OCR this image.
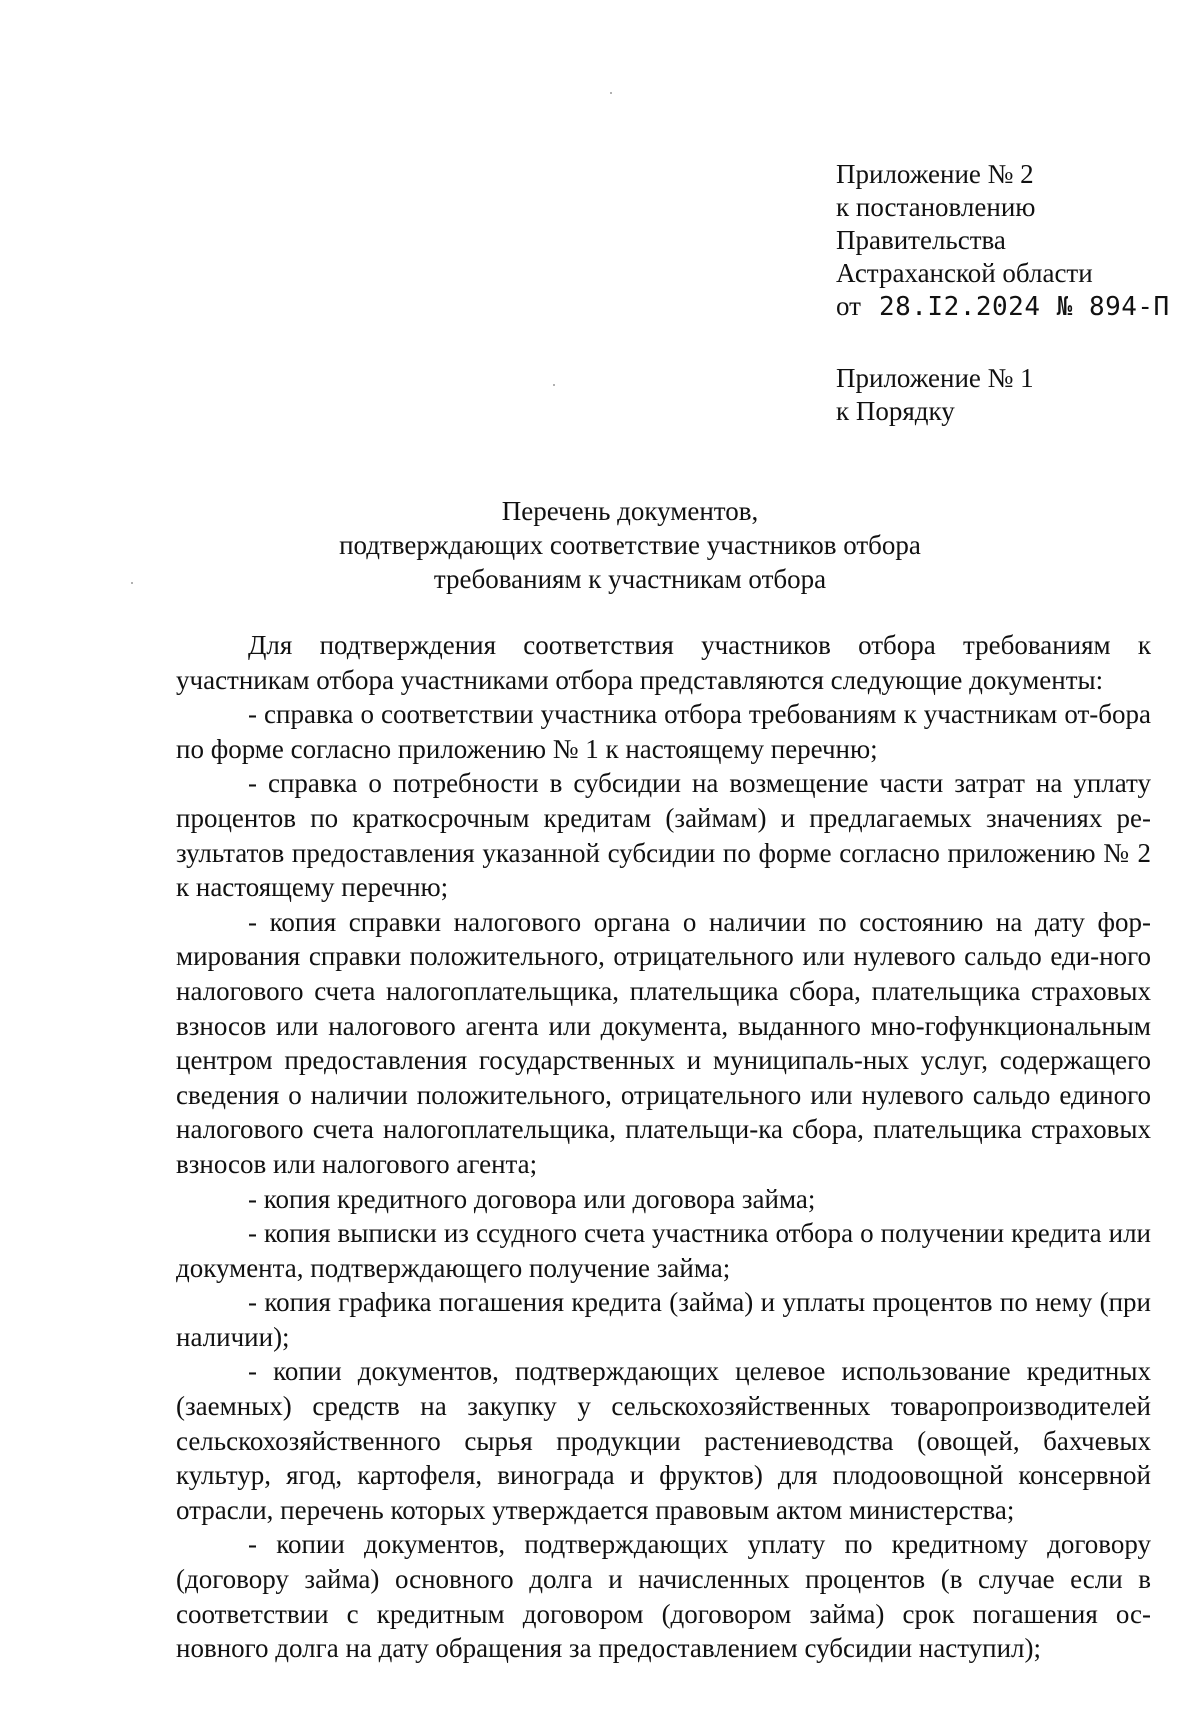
Приложение № 2
к постановлению
Правительства
Астраханской области
от 28.I2.2024 № 894-П
Приложение № 1
к Порядку
Перечень документов,
подтверждающих соответствие участников отбора
требованиям к участникам отбора

Для подтверждения соответствия участников отбора требованиям к участникам отбора участниками отбора представляются следующие документы:

- справка о соответствии участника отбора требованиям к участникам от-бора по форме согласно приложению № 1 к настоящему перечню;

- справка о потребности в субсидии на возмещение части затрат на уплату процентов по краткосрочным кредитам (займам) и предлагаемых значениях ре-зультатов предоставления указанной субсидии по форме согласно приложению № 2 к настоящему перечню;

- копия справки налогового органа о наличии по состоянию на дату фор-мирования справки положительного, отрицательного или нулевого сальдо еди-ного налогового счета налогоплательщика, плательщика сбора, плательщика страховых взносов или налогового агента или документа, выданного мно-гофункциональным центром предоставления государственных и муниципаль-ных услуг, содержащего сведения о наличии положительного, отрицательного или нулевого сальдо единого налогового счета налогоплательщика, плательщи-ка сбора, плательщика страховых взносов или налогового агента;

- копия кредитного договора или договора займа;

- копия выписки из ссудного счета участника отбора о получении кредита или документа, подтверждающего получение займа;

- копия графика погашения кредита (займа) и уплаты процентов по нему (при наличии);

- копии документов, подтверждающих целевое использование кредитных (заемных) средств на закупку у сельскохозяйственных товаропроизводителей сельскохозяйственного сырья продукции растениеводства (овощей, бахчевых культур, ягод, картофеля, винограда и фруктов) для плодоовощной консервной отрасли, перечень которых утверждается правовым актом министерства;

- копии документов, подтверждающих уплату по кредитному договору (договору займа) основного долга и начисленных процентов (в случае если в соответствии с кредитным договором (договором займа) срок погашения ос-новного долга на дату обращения за предоставлением субсидии наступил);
